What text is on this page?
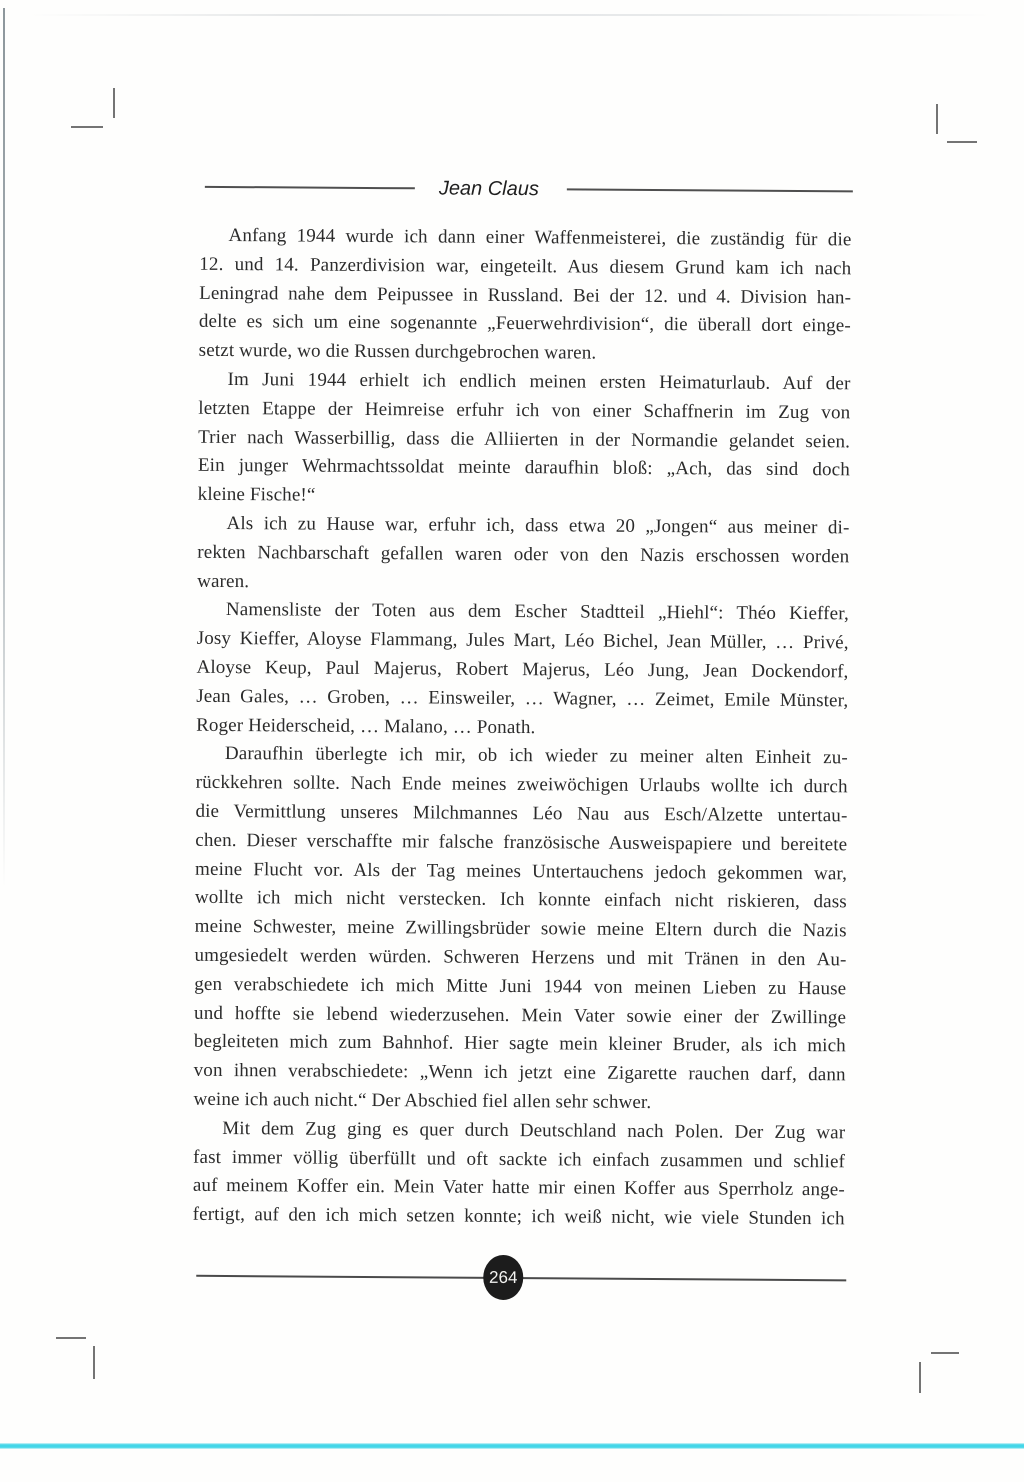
Jean Claus
Anfang 1944 wurde ich dann einer Waffenmeisterei, die zuständig für die
12. und 14. Panzerdivision war, eingeteilt. Aus diesem Grund kam ich nach
Leningrad nahe dem Peipussee in Russland. Bei der 12. und 4. Division han-
delte es sich um eine sogenannte „Feuerwehrdivision“, die überall dort einge-
setzt wurde, wo die Russen durchgebrochen waren.
Im Juni 1944 erhielt ich endlich meinen ersten Heimaturlaub. Auf der
letzten Etappe der Heimreise erfuhr ich von einer Schaffnerin im Zug von
Trier nach Wasserbillig, dass die Alliierten in der Normandie gelandet seien.
Ein junger Wehrmachtssoldat meinte daraufhin bloß: „Ach, das sind doch
kleine Fische!“
Als ich zu Hause war, erfuhr ich, dass etwa 20 „Jongen“ aus meiner di-
rekten Nachbarschaft gefallen waren oder von den Nazis erschossen worden
waren.
Namensliste der Toten aus dem Escher Stadtteil „Hiehl“: Théo Kieffer,
Josy Kieffer, Aloyse Flammang, Jules Mart, Léo Bichel, Jean Müller, … Privé,
Aloyse Keup, Paul Majerus, Robert Majerus, Léo Jung, Jean Dockendorf,
Jean Gales, … Groben, … Einsweiler, … Wagner, … Zeimet, Emile Münster,
Roger Heiderscheid, … Malano, … Ponath.
Daraufhin überlegte ich mir, ob ich wieder zu meiner alten Einheit zu-
rückkehren sollte. Nach Ende meines zweiwöchigen Urlaubs wollte ich durch
die Vermittlung unseres Milchmannes Léo Nau aus Esch/Alzette untertau-
chen. Dieser verschaffte mir falsche französische Ausweispapiere und bereitete
meine Flucht vor. Als der Tag meines Untertauchens jedoch gekommen war,
wollte ich mich nicht verstecken. Ich konnte einfach nicht riskieren, dass
meine Schwester, meine Zwillingsbrüder sowie meine Eltern durch die Nazis
umgesiedelt werden würden. Schweren Herzens und mit Tränen in den Au-
gen verabschiedete ich mich Mitte Juni 1944 von meinen Lieben zu Hause
und hoffte sie lebend wiederzusehen. Mein Vater sowie einer der Zwillinge
begleiteten mich zum Bahnhof. Hier sagte mein kleiner Bruder, als ich mich
von ihnen verabschiedete: „Wenn ich jetzt eine Zigarette rauchen darf, dann
weine ich auch nicht.“ Der Abschied fiel allen sehr schwer.
Mit dem Zug ging es quer durch Deutschland nach Polen. Der Zug war
fast immer völlig überfüllt und oft sackte ich einfach zusammen und schlief
auf meinem Koffer ein. Mein Vater hatte mir einen Koffer aus Sperrholz ange-
fertigt, auf den ich mich setzen konnte; ich weiß nicht, wie viele Stunden ich
264
